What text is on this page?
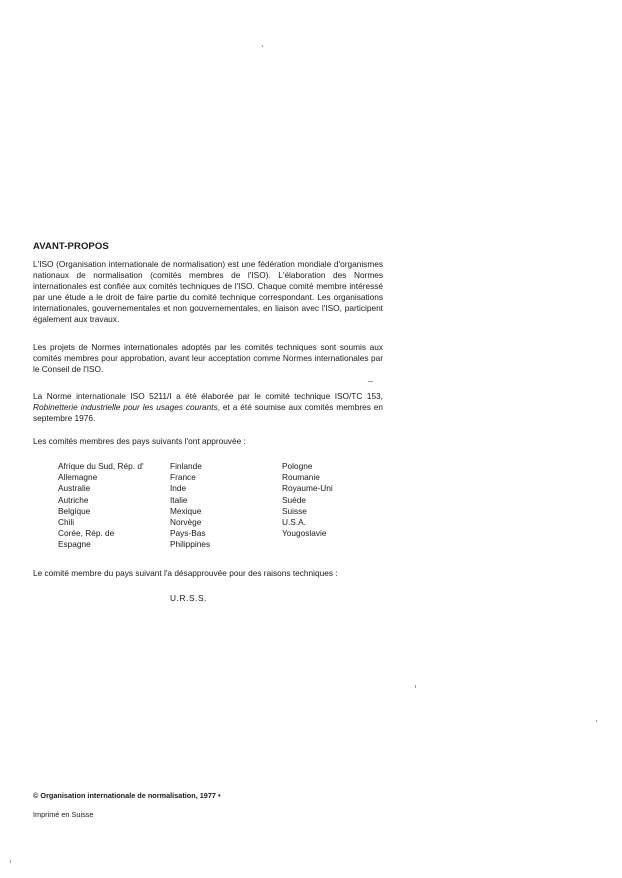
AVANT-PROPOS

L'ISO (Organisation internationale de normalisation) est une fédération mondiale d'organismes nationaux de normalisation (comités membres de l'ISO). L'élaboration des Normes internationales est confiée aux comités techniques de l'ISO. Chaque comité membre intéressé par une étude a le droit de faire partie du comité technique correspondant. Les organisations internationales, gouvernementales et non gouvernementales, en liaison avec l'ISO, participent également aux travaux.

Les projets de Normes internationales adoptés par les comités techniques sont soumis aux comités membres pour approbation, avant leur acceptation comme Normes internationales par le Conseil de l'ISO.

La Norme internationale ISO 5211/I a été élaborée par le comité technique ISO/TC 153, Robinetterie industrielle pour les usages courants, et a été soumise aux comités membres en septembre 1976.

Les comités membres des pays suivants l'ont approuvée :

Afrique du Sud, Rép. d'
Allemagne
Australie
Autriche
Belgique
Chili
Corée, Rép. de
Espagne
Finlande
France
Inde
Italie
Mexique
Norvège
Pays-Bas
Philippines
Pologne
Roumanie
Royaume-Uni
Suède
Suisse
U.S.A.
Yougoslavie

Le comité membre du pays suivant l'a désapprouvée pour des raisons techniques :

U.R.S.S.
© Organisation internationale de normalisation, 1977 •
Imprimé en Suisse
